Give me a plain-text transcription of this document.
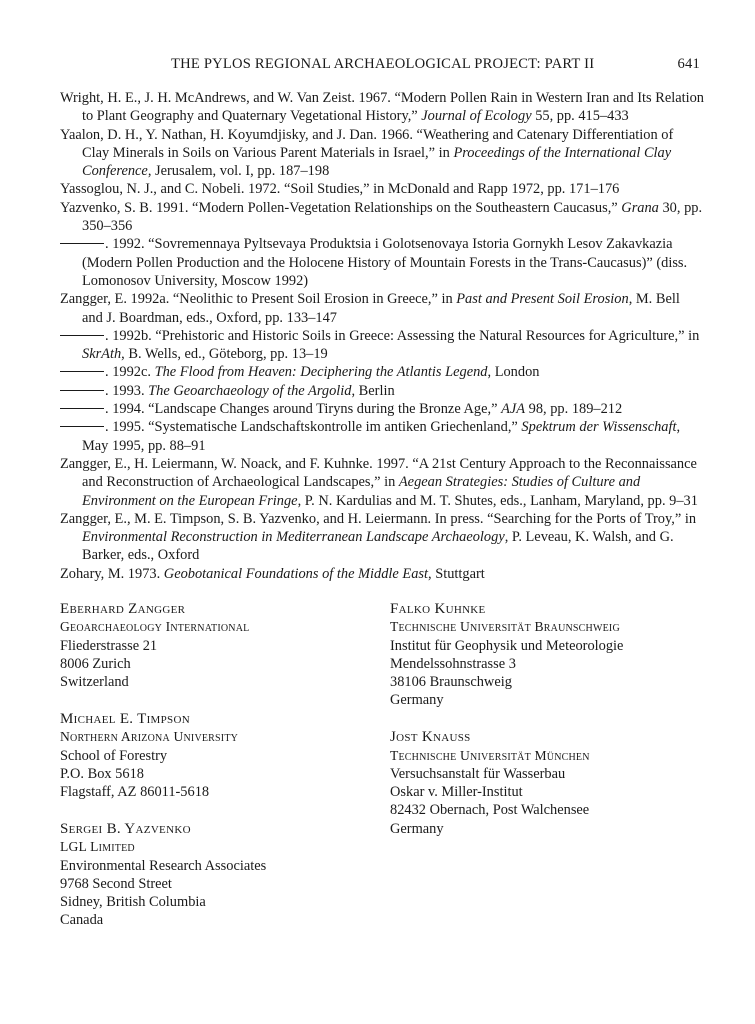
THE PYLOS REGIONAL ARCHAEOLOGICAL PROJECT: PART II	641

Wright, H. E., J. H. McAndrews, and W. Van Zeist. 1967. “Modern Pollen Rain in Western Iran and Its Relation to Plant Geography and Quaternary Vegetational History,” Journal of Ecology 55, pp. 415–433

Yaalon, D. H., Y. Nathan, H. Koyumdjisky, and J. Dan. 1966. “Weathering and Catenary Differentiation of Clay Minerals in Soils on Various Parent Materials in Israel,” in Proceedings of the International Clay Conference, Jerusalem, vol. I, pp. 187–198

Yassoglou, N. J., and C. Nobeli. 1972. “Soil Studies,” in McDonald and Rapp 1972, pp. 171–176

Yazvenko, S. B. 1991. “Modern Pollen-Vegetation Relationships on the Southeastern Caucasus,” Grana 30, pp. 350–356

. 1992. “Sovremennaya Pyltsevaya Produktsia i Golotsenovaya Istoria Gornykh Lesov Zakavkazia (Modern Pollen Production and the Holocene History of Mountain Forests in the Trans-Caucasus)” (diss. Lomonosov University, Moscow 1992)

Zangger, E. 1992a. “Neolithic to Present Soil Erosion in Greece,” in Past and Present Soil Erosion, M. Bell and J. Boardman, eds., Oxford, pp. 133–147

. 1992b. “Prehistoric and Historic Soils in Greece: Assessing the Natural Resources for Agriculture,” in SkrAth, B. Wells, ed., Göteborg, pp. 13–19

. 1992c. The Flood from Heaven: Deciphering the Atlantis Legend, London

. 1993. The Geoarchaeology of the Argolid, Berlin

. 1994. “Landscape Changes around Tiryns during the Bronze Age,” AJA 98, pp. 189–212

. 1995. “Systematische Landschaftskontrolle im antiken Griechenland,” Spektrum der Wissenschaft, May 1995, pp. 88–91

Zangger, E., H. Leiermann, W. Noack, and F. Kuhnke. 1997. “A 21st Century Approach to the Reconnaissance and Reconstruction of Archaeological Landscapes,” in Aegean Strategies: Studies of Culture and Environment on the European Fringe, P. N. Kardulias and M. T. Shutes, eds., Lanham, Maryland, pp. 9–31

Zangger, E., M. E. Timpson, S. B. Yazvenko, and H. Leiermann. In press. “Searching for the Ports of Troy,” in Environmental Reconstruction in Mediterranean Landscape Archaeology, P. Leveau, K. Walsh, and G. Barker, eds., Oxford

Zohary, M. 1973. Geobotanical Foundations of the Middle East, Stuttgart

Eberhard Zangger
Geoarchaeology International
Fliederstrasse 21
8006 Zurich
Switzerland
Michael E. Timpson
Northern Arizona University
School of Forestry
P.O. Box 5618
Flagstaff, AZ 86011-5618
Sergei B. Yazvenko
LGL Limited
Environmental Research Associates
9768 Second Street
Sidney, British Columbia
Canada
Falko Kuhnke
Technische Universität Braunschweig
Institut für Geophysik und Meteorologie
Mendelssohnstrasse 3
38106 Braunschweig
Germany
Jost Knauss
Technische Universität München
Versuchsanstalt für Wasserbau
Oskar v. Miller-Institut
82432 Obernach, Post Walchensee
Germany
